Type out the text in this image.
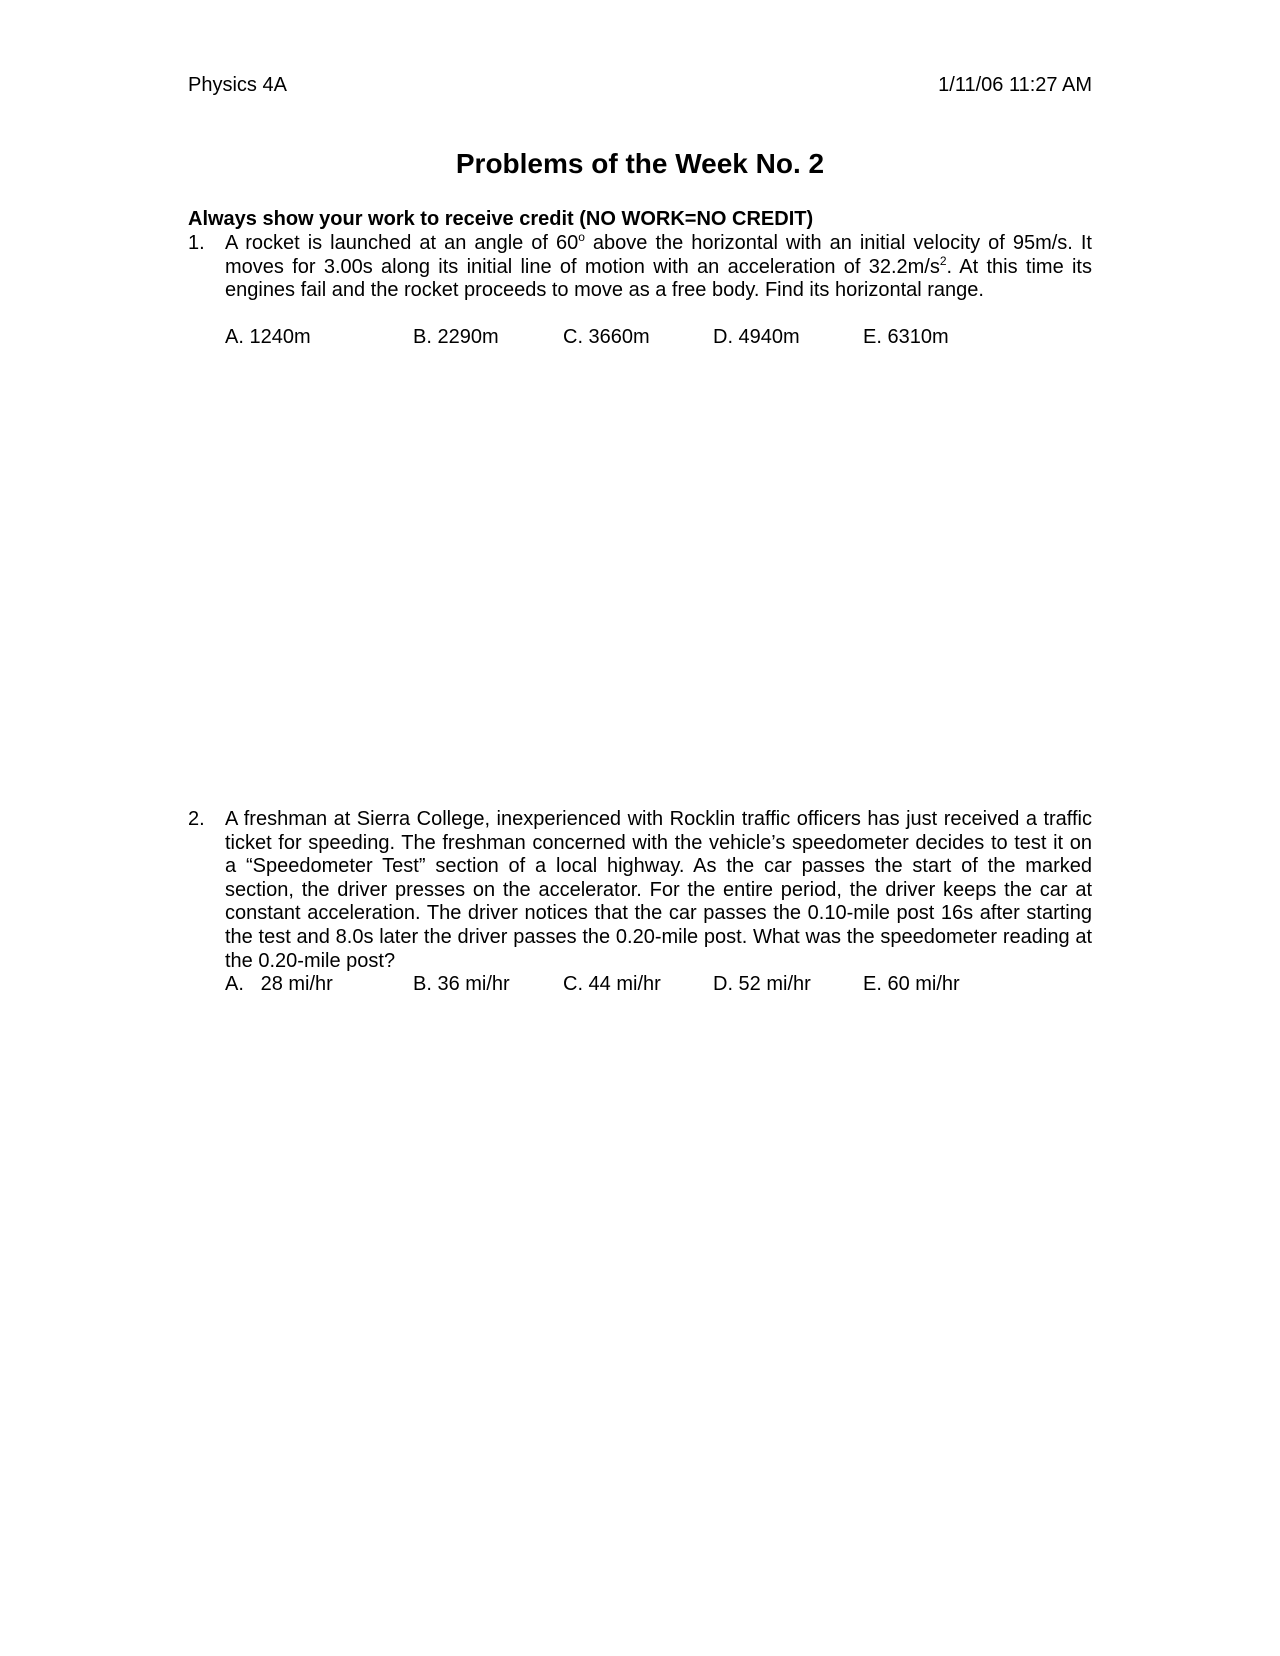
Physics 4A	1/11/06 11:27 AM
Problems of the Week No. 2
Always show your work to receive credit (NO WORK=NO CREDIT)
1. A rocket is launched at an angle of 60$^o$ above the horizontal with an initial velocity of 95m/s. It moves for 3.00s along its initial line of motion with an acceleration of $32.2m/s^2$. At this time its engines fail and the rocket proceeds to move as a free body. Find its horizontal range.
A. 1240m	B. 2290m	C. 3660m	D. 4940m	E. 6310m
2. A freshman at Sierra College, inexperienced with Rocklin traffic officers has just received a traffic ticket for speeding. The freshman concerned with the vehicle’s speedometer decides to test it on a “Speedometer Test” section of a local highway. As the car passes the start of the marked section, the driver presses on the accelerator. For the entire period, the driver keeps the car at constant acceleration. The driver notices that the car passes the 0.10-mile post 16s after starting the test and 8.0s later the driver passes the 0.20-mile post. What was the speedometer reading at the 0.20-mile post?
A.   28 mi/hr	B. 36 mi/hr	C. 44 mi/hr	D. 52 mi/hr	E. 60 mi/hr
